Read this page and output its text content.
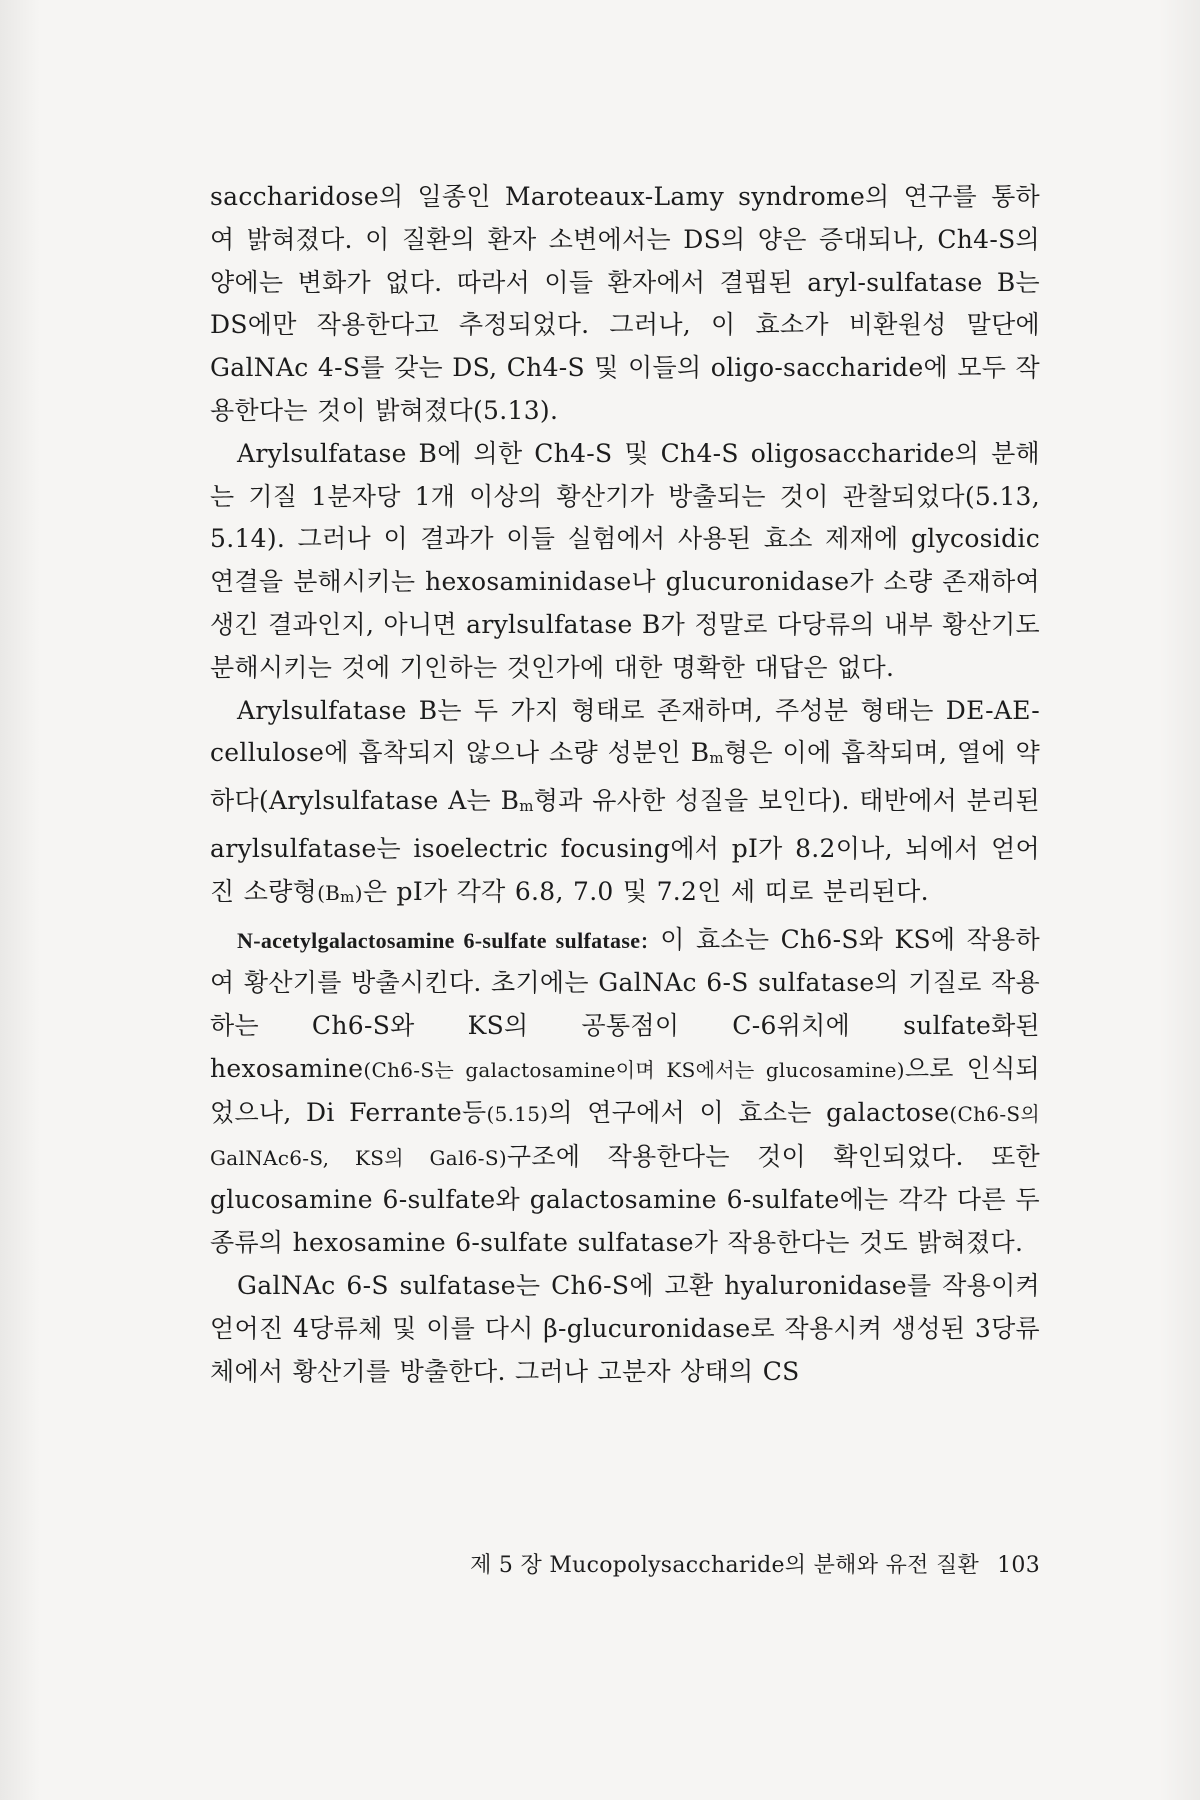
saccharidose의 일종인 Maroteaux-Lamy syndrome의 연구를 통하여 밝혀졌다. 이 질환의 환자 소변에서는 DS의 양은 증대되나, Ch4-S의 양에는 변화가 없다. 따라서 이들 환자에서 결핍된 aryl-sulfatase B는 DS에만 작용한다고 추정되었다. 그러나, 이 효소가 비환원성 말단에 GalNAc 4-S를 갖는 DS, Ch4-S 및 이들의 oligo-saccharide에 모두 작용한다는 것이 밝혀졌다(5.13).

Arylsulfatase B에 의한 Ch4-S 및 Ch4-S oligosaccharide의 분해는 기질 1분자당 1개 이상의 황산기가 방출되는 것이 관찰되었다(5.13, 5.14). 그러나 이 결과가 이들 실험에서 사용된 효소 제재에 glycosidic 연결을 분해시키는 hexosaminidase나 glucuronidase가 소량 존재하여 생긴 결과인지, 아니면 arylsulfatase B가 정말로 다당류의 내부 황산기도 분해시키는 것에 기인하는 것인가에 대한 명확한 대답은 없다.

Arylsulfatase B는 두 가지 형태로 존재하며, 주성분 형태는 DE-AE-cellulose에 흡착되지 않으나 소량 성분인 Bm형은 이에 흡착되며, 열에 약하다(Arylsulfatase A는 Bm형과 유사한 성질을 보인다). 태반에서 분리된 arylsulfatase는 isoelectric focusing에서 pI가 8.2이나, 뇌에서 얻어진 소량형(Bm)은 pI가 각각 6.8, 7.0 및 7.2인 세 띠로 분리된다.

N-acetylgalactosamine 6-sulfate sulfatase: 이 효소는 Ch6-S와 KS에 작용하여 황산기를 방출시킨다. 초기에는 GalNAc 6-S sulfatase의 기질로 작용하는 Ch6-S와 KS의 공통점이 C-6위치에 sulfate화된 hexosamine(Ch6-S는 galactosamine이며 KS에서는 glucosamine)으로 인식되었으나, Di Ferrante등(5.15)의 연구에서 이 효소는 galactose(Ch6-S의 GalNAc6-S, KS의 Gal6-S)구조에 작용한다는 것이 확인되었다. 또한 glucosamine 6-sulfate와 galactosamine 6-sulfate에는 각각 다른 두 종류의 hexosamine 6-sulfate sulfatase가 작용한다는 것도 밝혀졌다.

GalNAc 6-S sulfatase는 Ch6-S에 고환 hyaluronidase를 작용이켜 얻어진 4당류체 및 이를 다시 β-glucuronidase로 작용시켜 생성된 3당류체에서 황산기를 방출한다. 그러나 고분자 상태의 CS

제 5 장 Mucopolysaccharide의 분해와 유전 질환 103
